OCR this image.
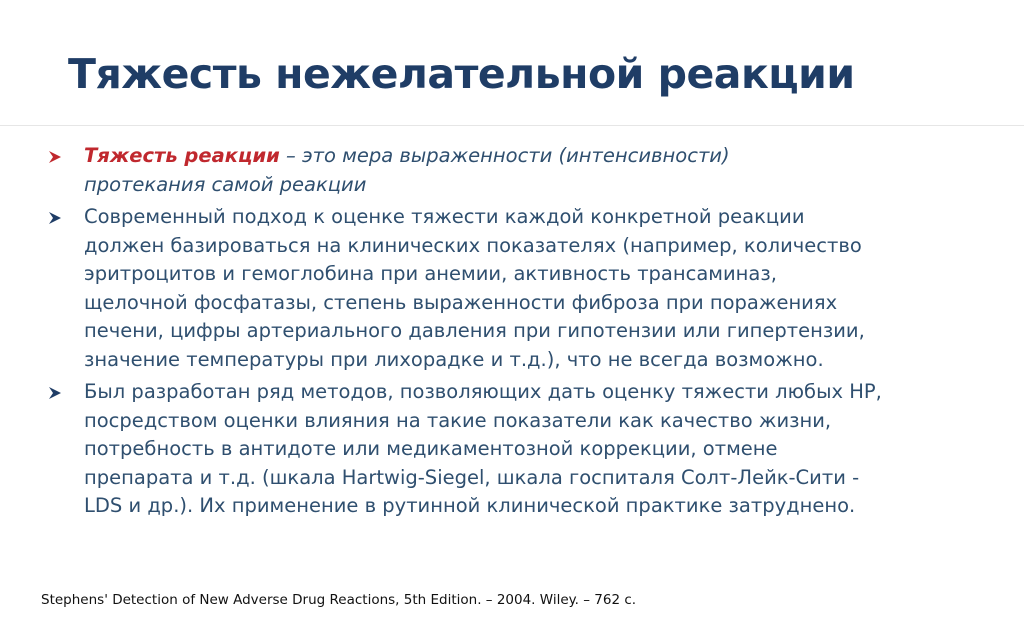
Тяжесть нежелательной реакции
Тяжесть реакции – это мера выраженности (интенсивности)
протекания самой реакции
Современный подход к оценке тяжести каждой конкретной реакции
должен базироваться на клинических показателях (например, количество
эритроцитов и гемоглобина при анемии, активность трансаминаз,
щелочной фосфатазы, степень выраженности фиброза при поражениях
печени, цифры артериального давления при гипотензии или гипертензии,
значение температуры при лихорадке и т.д.), что не всегда возможно.
Был разработан ряд методов, позволяющих дать оценку тяжести любых НР,
посредством оценки влияния на такие показатели как качество жизни,
потребность в антидоте или медикаментозной коррекции, отмене
препарата и т.д. (шкала Hartwig-Siegel, шкала госпиталя Солт-Лейк-Сити -
LDS и др.). Их применение в рутинной клинической практике затруднено.

Stephens' Detection of New Adverse Drug Reactions, 5th Edition. – 2004. Wiley. – 762 с.
